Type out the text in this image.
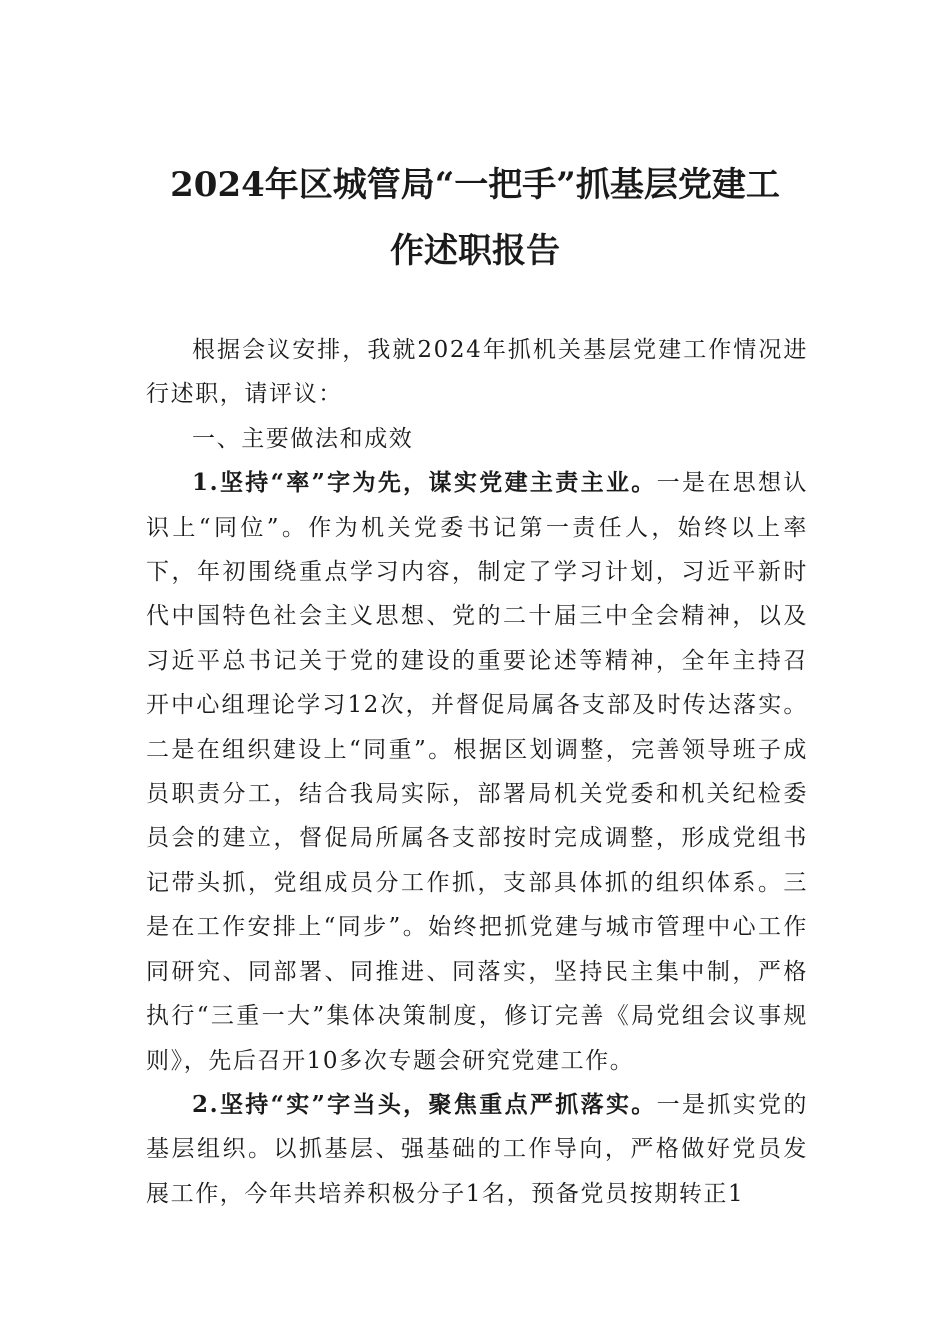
2024年区城管局“一把手”抓基层党建工
作述职报告

根据会议安排，我就2024年抓机关基层党建工作情况进行述职，请评议：

一、主要做法和成效

1.坚持“率”字为先，谋实党建主责主业。一是在思想认识上“同位”。作为机关党委书记第一责任人，始终以上率下，年初围绕重点学习内容，制定了学习计划，习近平新时代中国特色社会主义思想、党的二十届三中全会精神，以及习近平总书记关于党的建设的重要论述等精神，全年主持召开中心组理论学习12次，并督促局属各支部及时传达落实。二是在组织建设上“同重”。根据区划调整，完善领导班子成员职责分工，结合我局实际，部署局机关党委和机关纪检委员会的建立，督促局所属各支部按时完成调整，形成党组书记带头抓，党组成员分工作抓，支部具体抓的组织体系。三是在工作安排上“同步”。始终把抓党建与城市管理中心工作同研究、同部署、同推进、同落实，坚持民主集中制，严格执行“三重一大”集体决策制度，修订完善《局党组会议事规则》，先后召开10多次专题会研究党建工作。

2.坚持“实”字当头，聚焦重点严抓落实。一是抓实党的基层组织。以抓基层、强基础的工作导向，严格做好党员发展工作，今年共培养积极分子1名，预备党员按期转正1
